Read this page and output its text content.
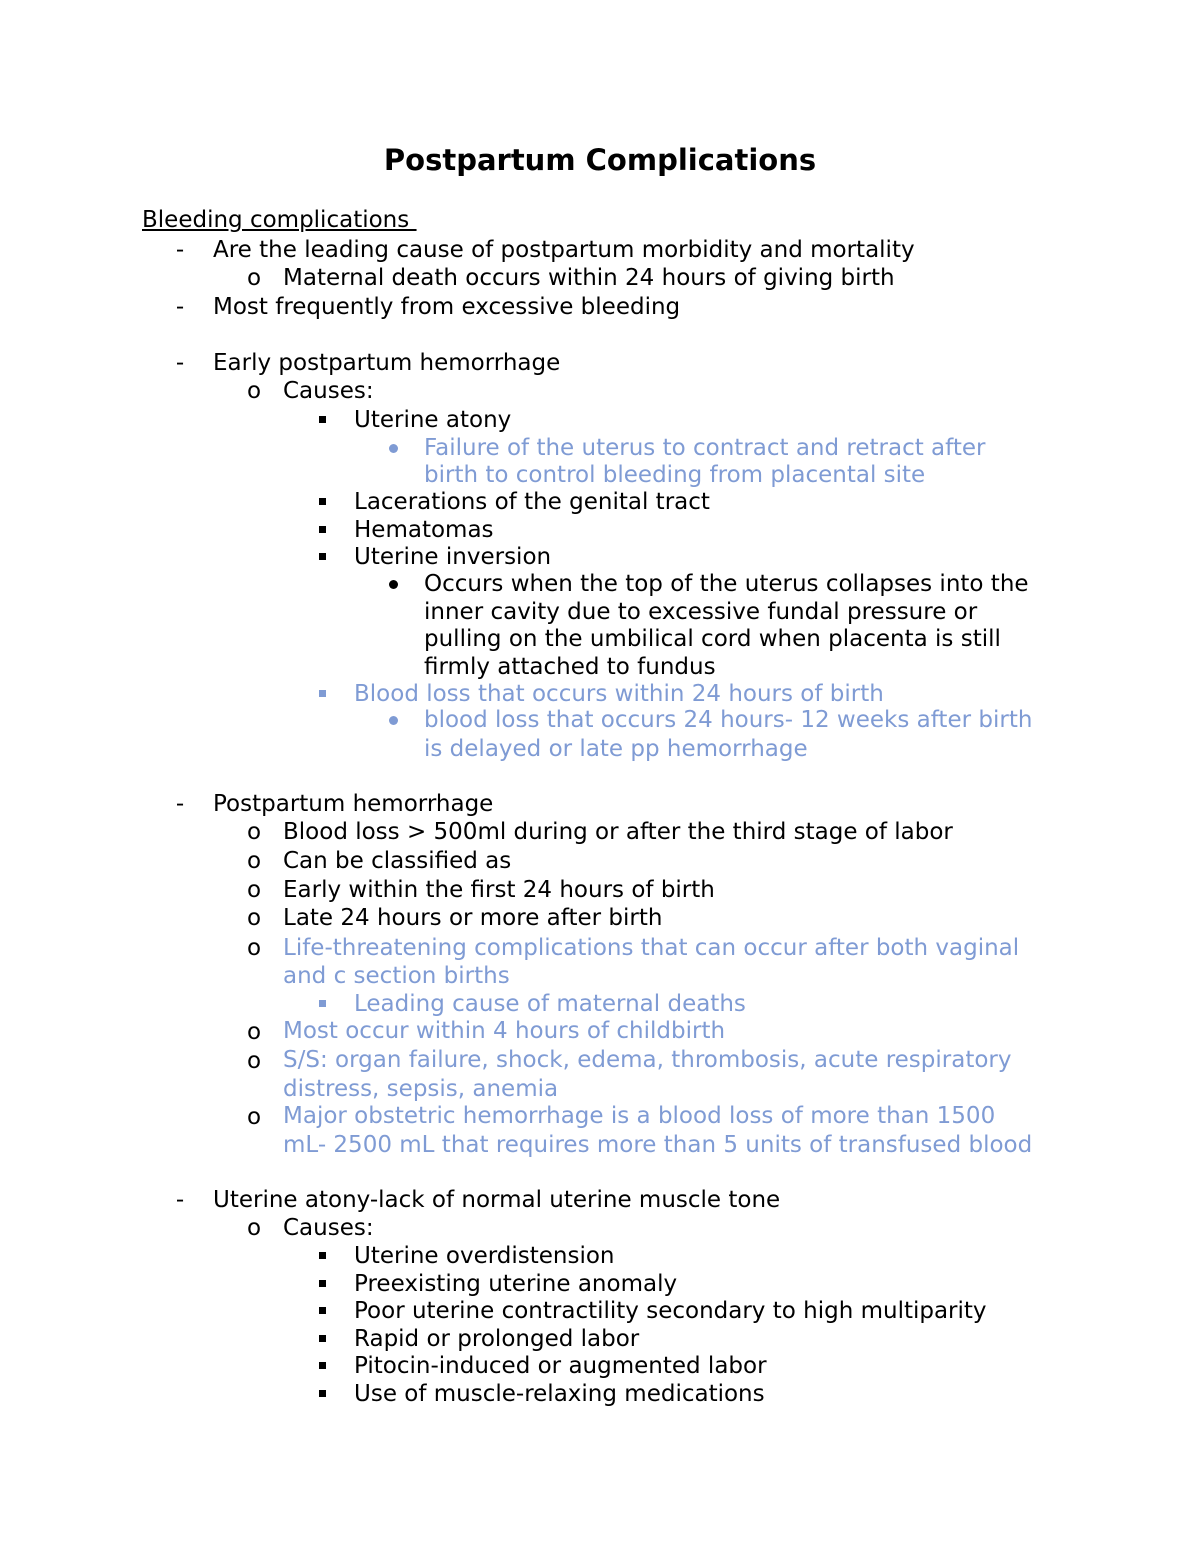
Postpartum Complications
Bleeding complications
- Are the leading cause of postpartum morbidity and mortality
o Maternal death occurs within 24 hours of giving birth
- Most frequently from excessive bleeding
- Early postpartum hemorrhage
o Causes:
Uterine atony
Failure of the uterus to contract and retract after
birth to control bleeding from placental site
Lacerations of the genital tract
Hematomas
Uterine inversion
Occurs when the top of the uterus collapses into the
inner cavity due to excessive fundal pressure or
pulling on the umbilical cord when placenta is still
firmly attached to fundus
Blood loss that occurs within 24 hours of birth
blood loss that occurs 24 hours- 12 weeks after birth
is delayed or late pp hemorrhage
- Postpartum hemorrhage
o Blood loss > 500ml during or after the third stage of labor
o Can be classified as
o Early within the first 24 hours of birth
o Late 24 hours or more after birth
o Life-threatening complications that can occur after both vaginal
and c section births
Leading cause of maternal deaths
o Most occur within 4 hours of childbirth
o S/S: organ failure, shock, edema, thrombosis, acute respiratory
distress, sepsis, anemia
o Major obstetric hemorrhage is a blood loss of more than 1500
mL- 2500 mL that requires more than 5 units of transfused blood
- Uterine atony-lack of normal uterine muscle tone
o Causes:
Uterine overdistension
Preexisting uterine anomaly
Poor uterine contractility secondary to high multiparity
Rapid or prolonged labor
Pitocin-induced or augmented labor
Use of muscle-relaxing medications
